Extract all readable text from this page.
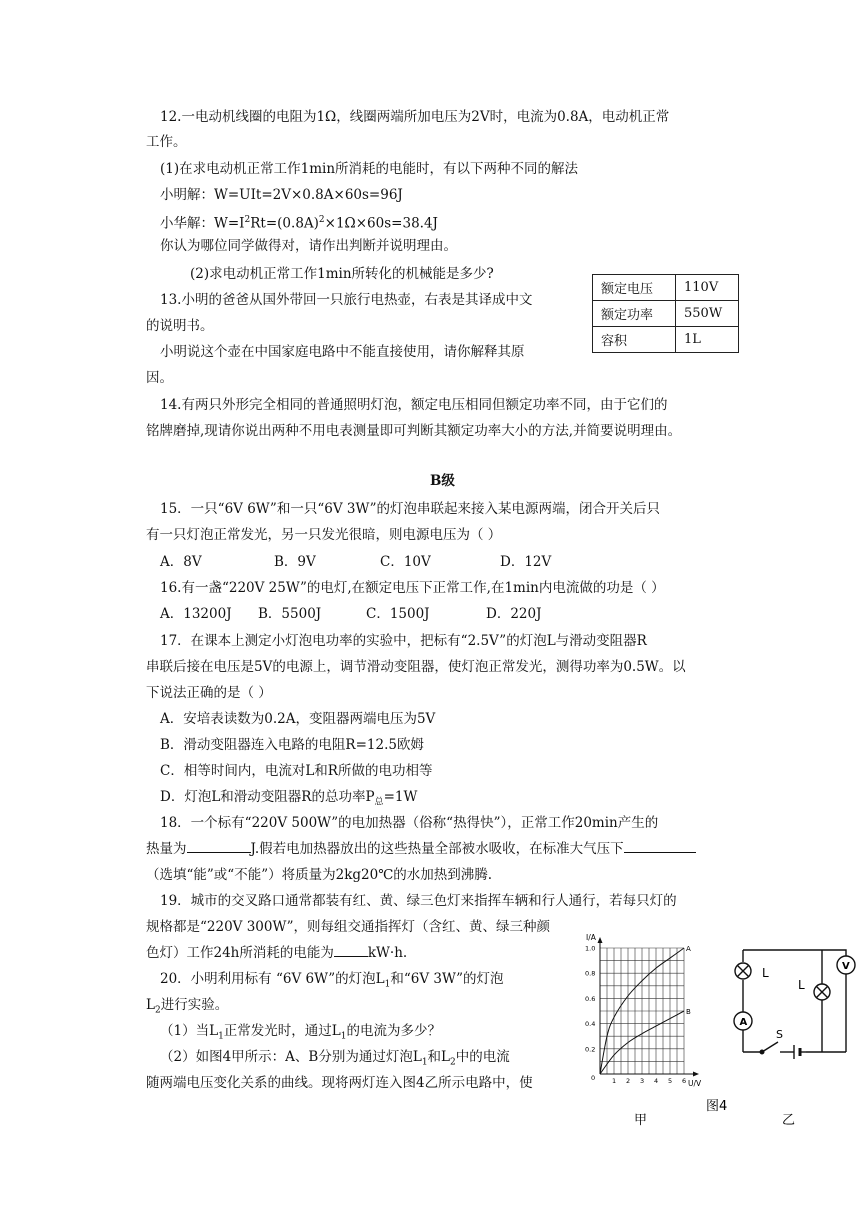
12.一电动机线圈的电阻为1Ω，线圈两端所加电压为2V时，电流为0.8A，电动机正常
工作。
(1)在求电动机正常工作1min所消耗的电能时，有以下两种不同的解法
小明解：W=UIt=2V×0.8A×60s=96J
小华解：$W=I^2Rt=(0.8A)^2\times 1\Omega\times 60s=38.4J$
你认为哪位同学做得对，请作出判断并说明理由。
(2)求电动机正常工作1min所转化的机械能是多少?
13.小明的爸爸从国外带回一只旅行电热壶，右表是其译成中文
的说明书。
小明说这个壶在中国家庭电路中不能直接使用，请你解释其原
因。
额定电压	110V
额定功率	550W
容积	1L
14.有两只外形完全相同的普通照明灯泡，额定电压相同但额定功率不同，由于它们的
铭牌磨掉,现请你说出两种不用电表测量即可判断其额定功率大小的方法,并简要说明理由。
B级
15．一只“6V 6W”和一只“6V 3W”的灯泡串联起来接入某电源两端，闭合开关后只
有一只灯泡正常发光，另一只发光很暗，则电源电压为（ ）
A．8V	B．9V	C．10V	D．12V
16.有一盏“220V 25W”的电灯,在额定电压下正常工作,在1min内电流做的功是（ ）
A．13200J B．5500J	C．1500J	D．220J
17．在课本上测定小灯泡电功率的实验中，把标有“2.5V”的灯泡L与滑动变阻器R
串联后接在电压是5V的电源上，调节滑动变阻器，使灯泡正常发光，测得功率为0.5W。以
下说法正确的是（ ）
A．安培表读数为0.2A，变阻器两端电压为5V
B．滑动变阻器连入电路的电阻R=12.5欧姆
C．相等时间内，电流对L和R所做的电功相等
D．灯泡L和滑动变阻器R的总功率$P_总=1W$
18．一个标有“220V 500W”的电加热器（俗称“热得快”），正常工作20min产生的
热量为	J.假若电加热器放出的这些热量全部被水吸收，在标准大气压下
（选填“能”或“不能”）将质量为2kg20℃的水加热到沸腾.
19．城市的交叉路口通常都装有红、黄、绿三色灯来指挥车辆和行人通行，若每只灯的
规格都是“220V 300W”，则每组交通指挥灯（含红、黄、绿三种颜
色灯）工作24h所消耗的电能为	kW·h.
20．小明利用标有 “6V 6W”的灯泡$L_1$和“6V 3W”的灯泡
$L_2$进行实验。
（1）当$L_1$正常发光时，通过$L_1$的电流为多少？
（2）如图4甲所示：A、B分别为通过灯泡$L_1$和$L_2$中的电流
随两端电压变化关系的曲线。现将两灯连入图4乙所示电路中，使
I/A
U/V
1.0
0.8
0.6
0.4
0.2
0	1 2 3 4 5 6
A
B
甲
A
V
L
L
S
图4
乙
